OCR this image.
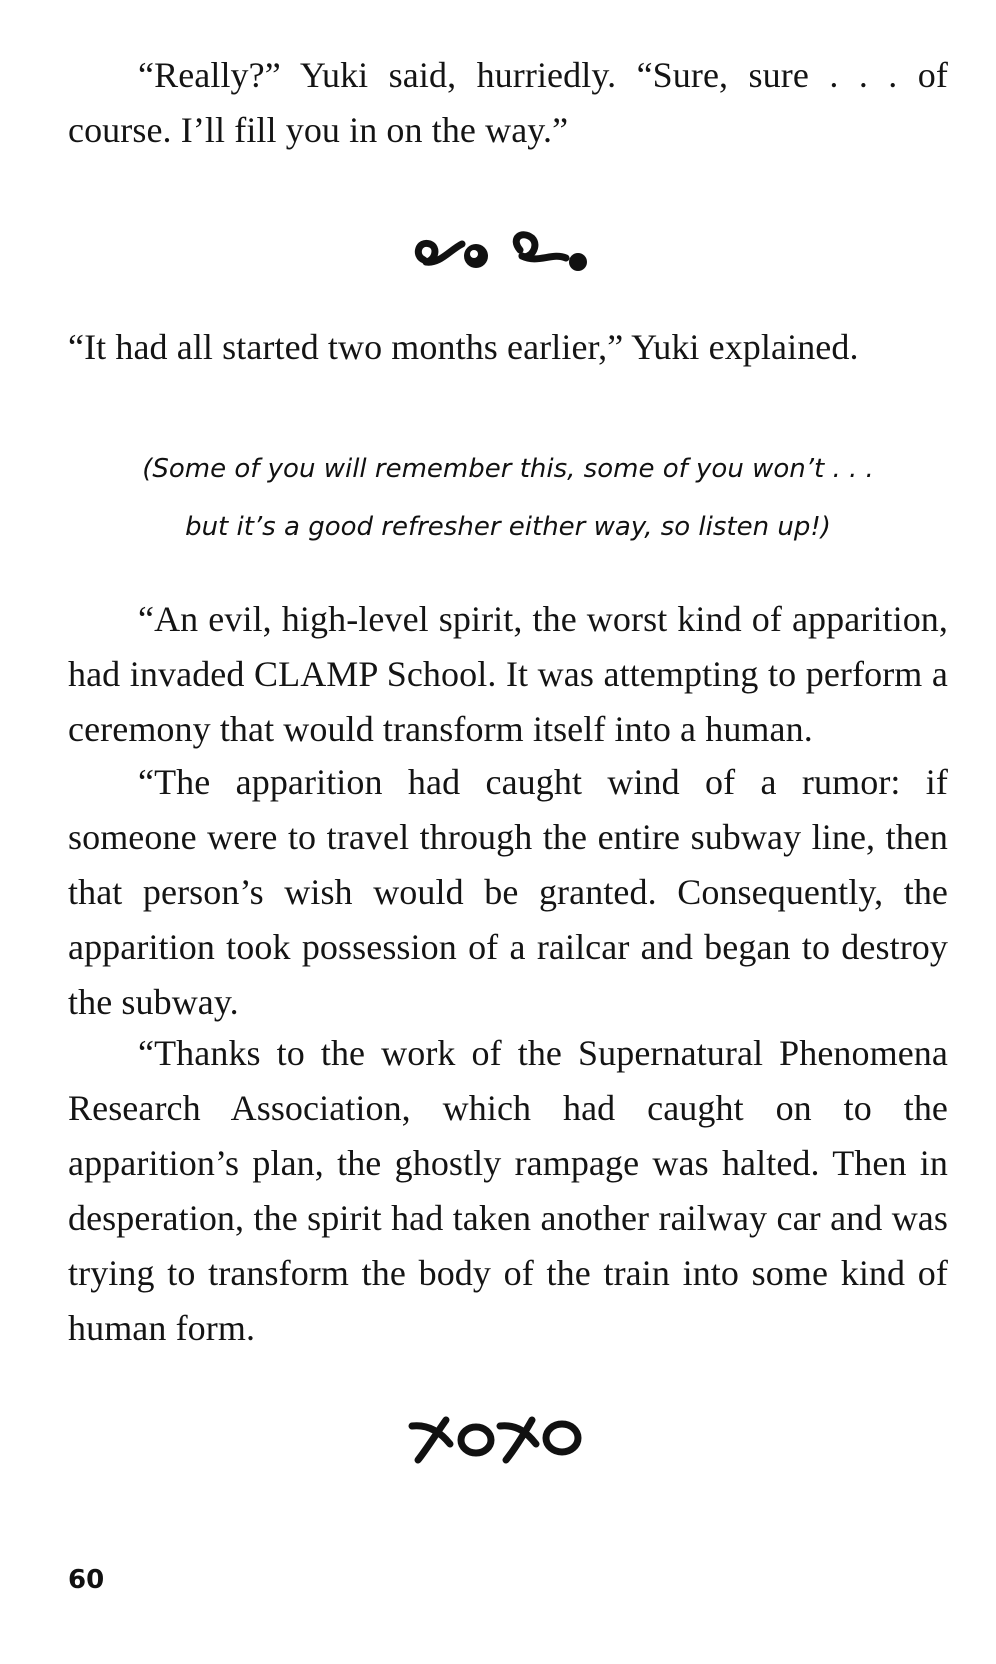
“Really?” Yuki said, hurriedly. “Sure, sure . . . of course. I’ll fill you in on the way.”

“It had all started two months earlier,” Yuki explained.

(Some of you will remember this, some of you won’t . . .
but it’s a good refresher either way, so listen up!)

“An evil, high-level spirit, the worst kind of apparition, had invaded CLAMP School. It was attempting to perform a ceremony that would transform itself into a human.

“The apparition had caught wind of a rumor: if someone were to travel through the entire subway line, then that person’s wish would be granted. Consequently, the apparition took possession of a railcar and began to destroy the subway.

“Thanks to the work of the Supernatural Phenomena Research Association, which had caught on to the apparition’s plan, the ghostly rampage was halted. Then in desperation, the spirit had taken another railway car and was trying to transform the body of the train into some kind of human form.

60
